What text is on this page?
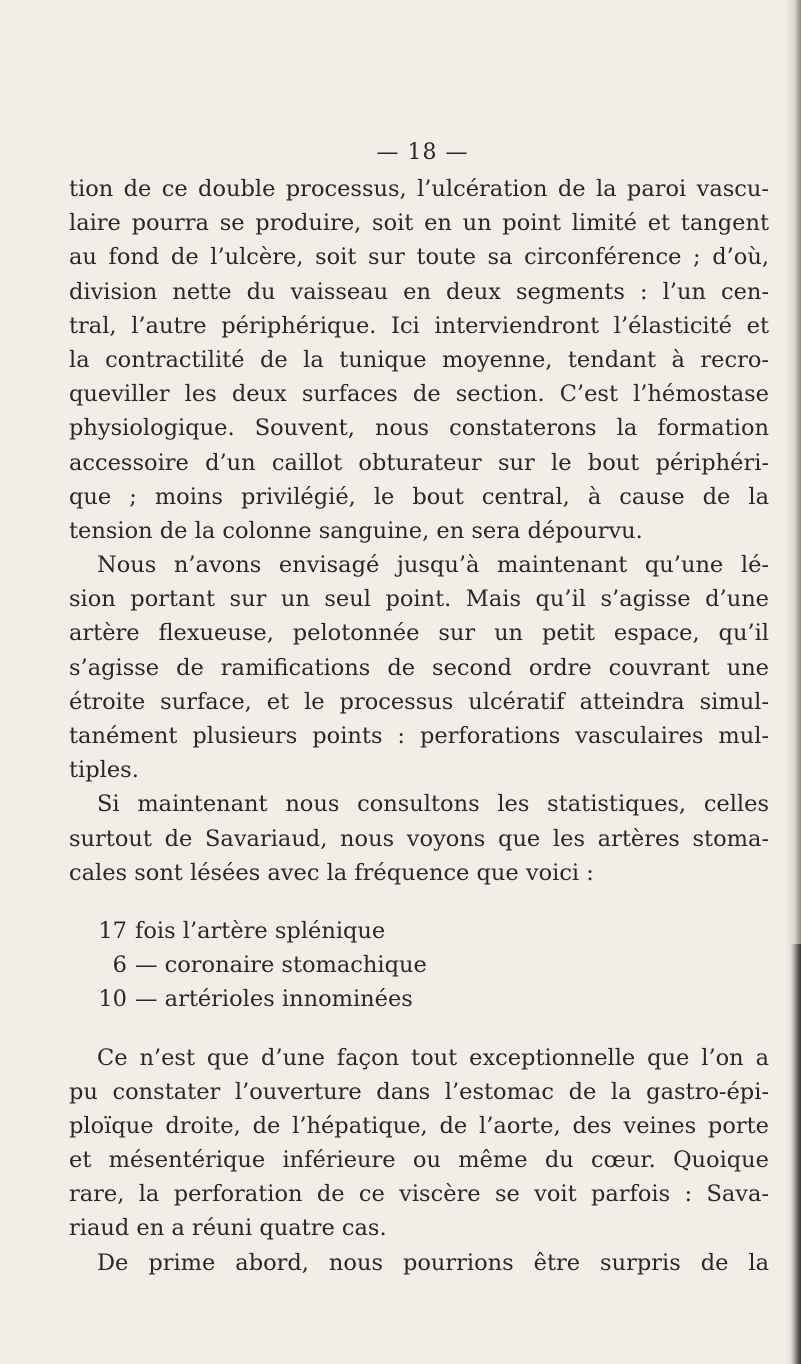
— 18 —
tion de ce double processus, l’ulcération de la paroi vascu-
laire pourra se produire, soit en un point limité et tangent
au fond de l’ulcère, soit sur toute sa circonférence ; d’où,
division nette du vaisseau en deux segments : l’un cen-
tral, l’autre périphérique. Ici interviendront l’élasticité et
la contractilité de la tunique moyenne, tendant à recro-
queviller les deux surfaces de section. C’est l’hémostase
physiologique. Souvent, nous constaterons la formation
accessoire d’un caillot obturateur sur le bout périphéri-
que ; moins privilégié, le bout central, à cause de la
tension de la colonne sanguine, en sera dépourvu.
Nous n’avons envisagé jusqu’à maintenant qu’une lé-
sion portant sur un seul point. Mais qu’il s’agisse d’une
artère flexueuse, pelotonnée sur un petit espace, qu’il
s’agisse de ramifications de second ordre couvrant une
étroite surface, et le processus ulcératif atteindra simul-
tanément plusieurs points : perforations vasculaires mul-
tiples.
Si maintenant nous consultons les statistiques, celles
surtout de Savariaud, nous voyons que les artères stoma-
cales sont lésées avec la fréquence que voici :
17 fois l’artère splénique
6 — coronaire stomachique
10 — artérioles innominées
Ce n’est que d’une façon tout exceptionnelle que l’on a
pu constater l’ouverture dans l’estomac de la gastro-épi-
ploïque droite, de l’hépatique, de l’aorte, des veines porte
et mésentérique inférieure ou même du cœur. Quoique
rare, la perforation de ce viscère se voit parfois : Sava-
riaud en a réuni quatre cas.
De prime abord, nous pourrions être surpris de la
